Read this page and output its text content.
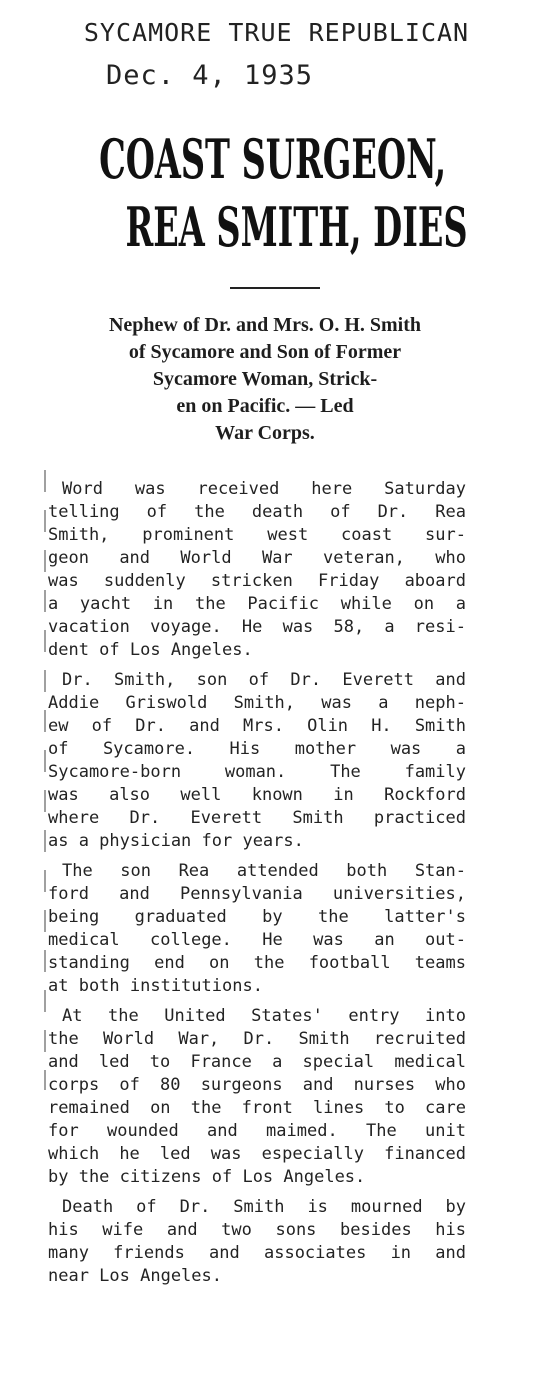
SYCAMORE TRUE REPUBLICAN
Dec. 4, 1935
COAST SURGEON,
REA SMITH, DIES
Nephew of Dr. and Mrs. O. H. Smith
of Sycamore and Son of Former
Sycamore Woman, Strick-
en on Pacific. — Led
War Corps.
Word was received here Saturday
telling of the death of Dr. Rea
Smith, prominent west coast sur-
geon and World War veteran, who
was suddenly stricken Friday aboard
a yacht in the Pacific while on a
vacation voyage. He was 58, a resi-
dent of Los Angeles.
Dr. Smith, son of Dr. Everett and
Addie Griswold Smith, was a neph-
ew of Dr. and Mrs. Olin H. Smith
of Sycamore. His mother was a
Sycamore-born woman. The family
was also well known in Rockford
where Dr. Everett Smith practiced
as a physician for years.
The son Rea attended both Stan-
ford and Pennsylvania universities,
being graduated by the latter's
medical college. He was an out-
standing end on the football teams
at both institutions.
At the United States' entry into
the World War, Dr. Smith recruited
and led to France a special medical
corps of 80 surgeons and nurses who
remained on the front lines to care
for wounded and maimed. The unit
which he led was especially financed
by the citizens of Los Angeles.
Death of Dr. Smith is mourned by
his wife and two sons besides his
many friends and associates in and
near Los Angeles.
